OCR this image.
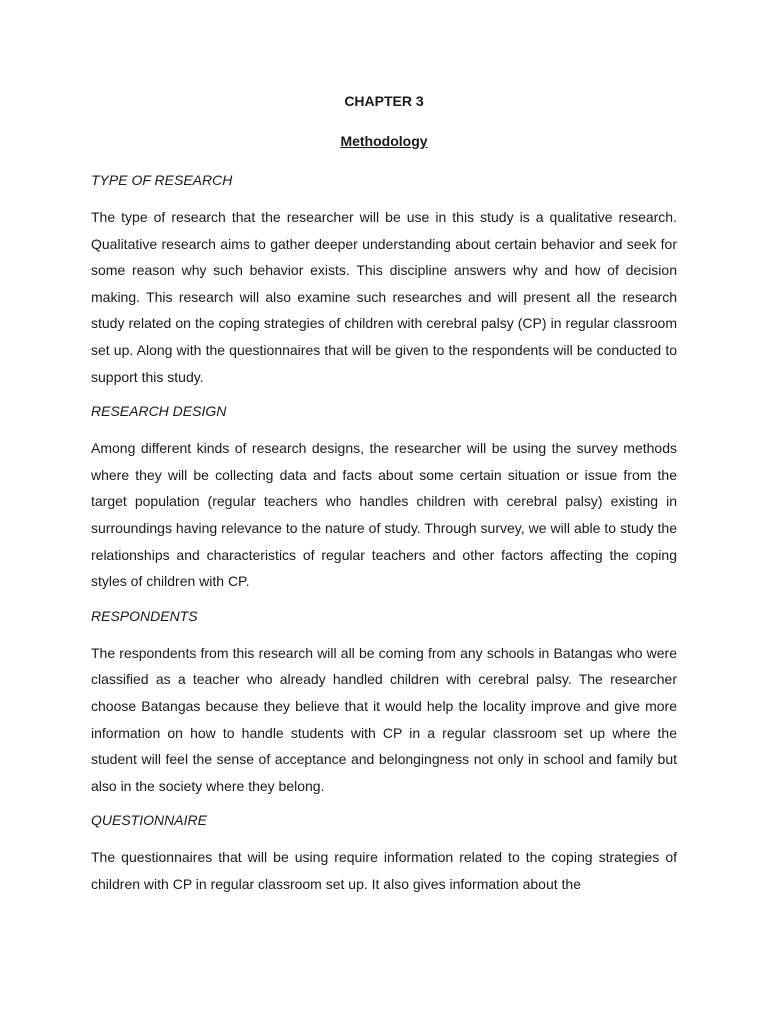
CHAPTER 3
Methodology

TYPE OF RESEARCH

The type of research that the researcher will be use in this study is a qualitative research. Qualitative research aims to gather deeper understanding about certain behavior and seek for some reason why such behavior exists. This discipline answers why and how of decision making. This research will also examine such researches and will present all the research study related on the coping strategies of children with cerebral palsy (CP) in regular classroom set up. Along with the questionnaires that will be given to the respondents will be conducted to support this study.

RESEARCH DESIGN

Among different kinds of research designs, the researcher will be using the survey methods where they will be collecting data and facts about some certain situation or issue from the target population (regular teachers who handles children with cerebral palsy) existing in surroundings having relevance to the nature of study. Through survey, we will able to study the relationships and characteristics of regular teachers and other factors affecting the coping styles of children with CP.

RESPONDENTS

The respondents from this research will all be coming from any schools in Batangas who were classified as a teacher who already handled children with cerebral palsy. The researcher choose Batangas because they believe that it would help the locality improve and give more information on how to handle students with CP in a regular classroom set up where the student will feel the sense of acceptance and belongingness not only in school and family but also in the society where they belong.

QUESTIONNAIRE

The questionnaires that will be using require information related to the coping strategies of children with CP in regular classroom set up. It also gives information about the
